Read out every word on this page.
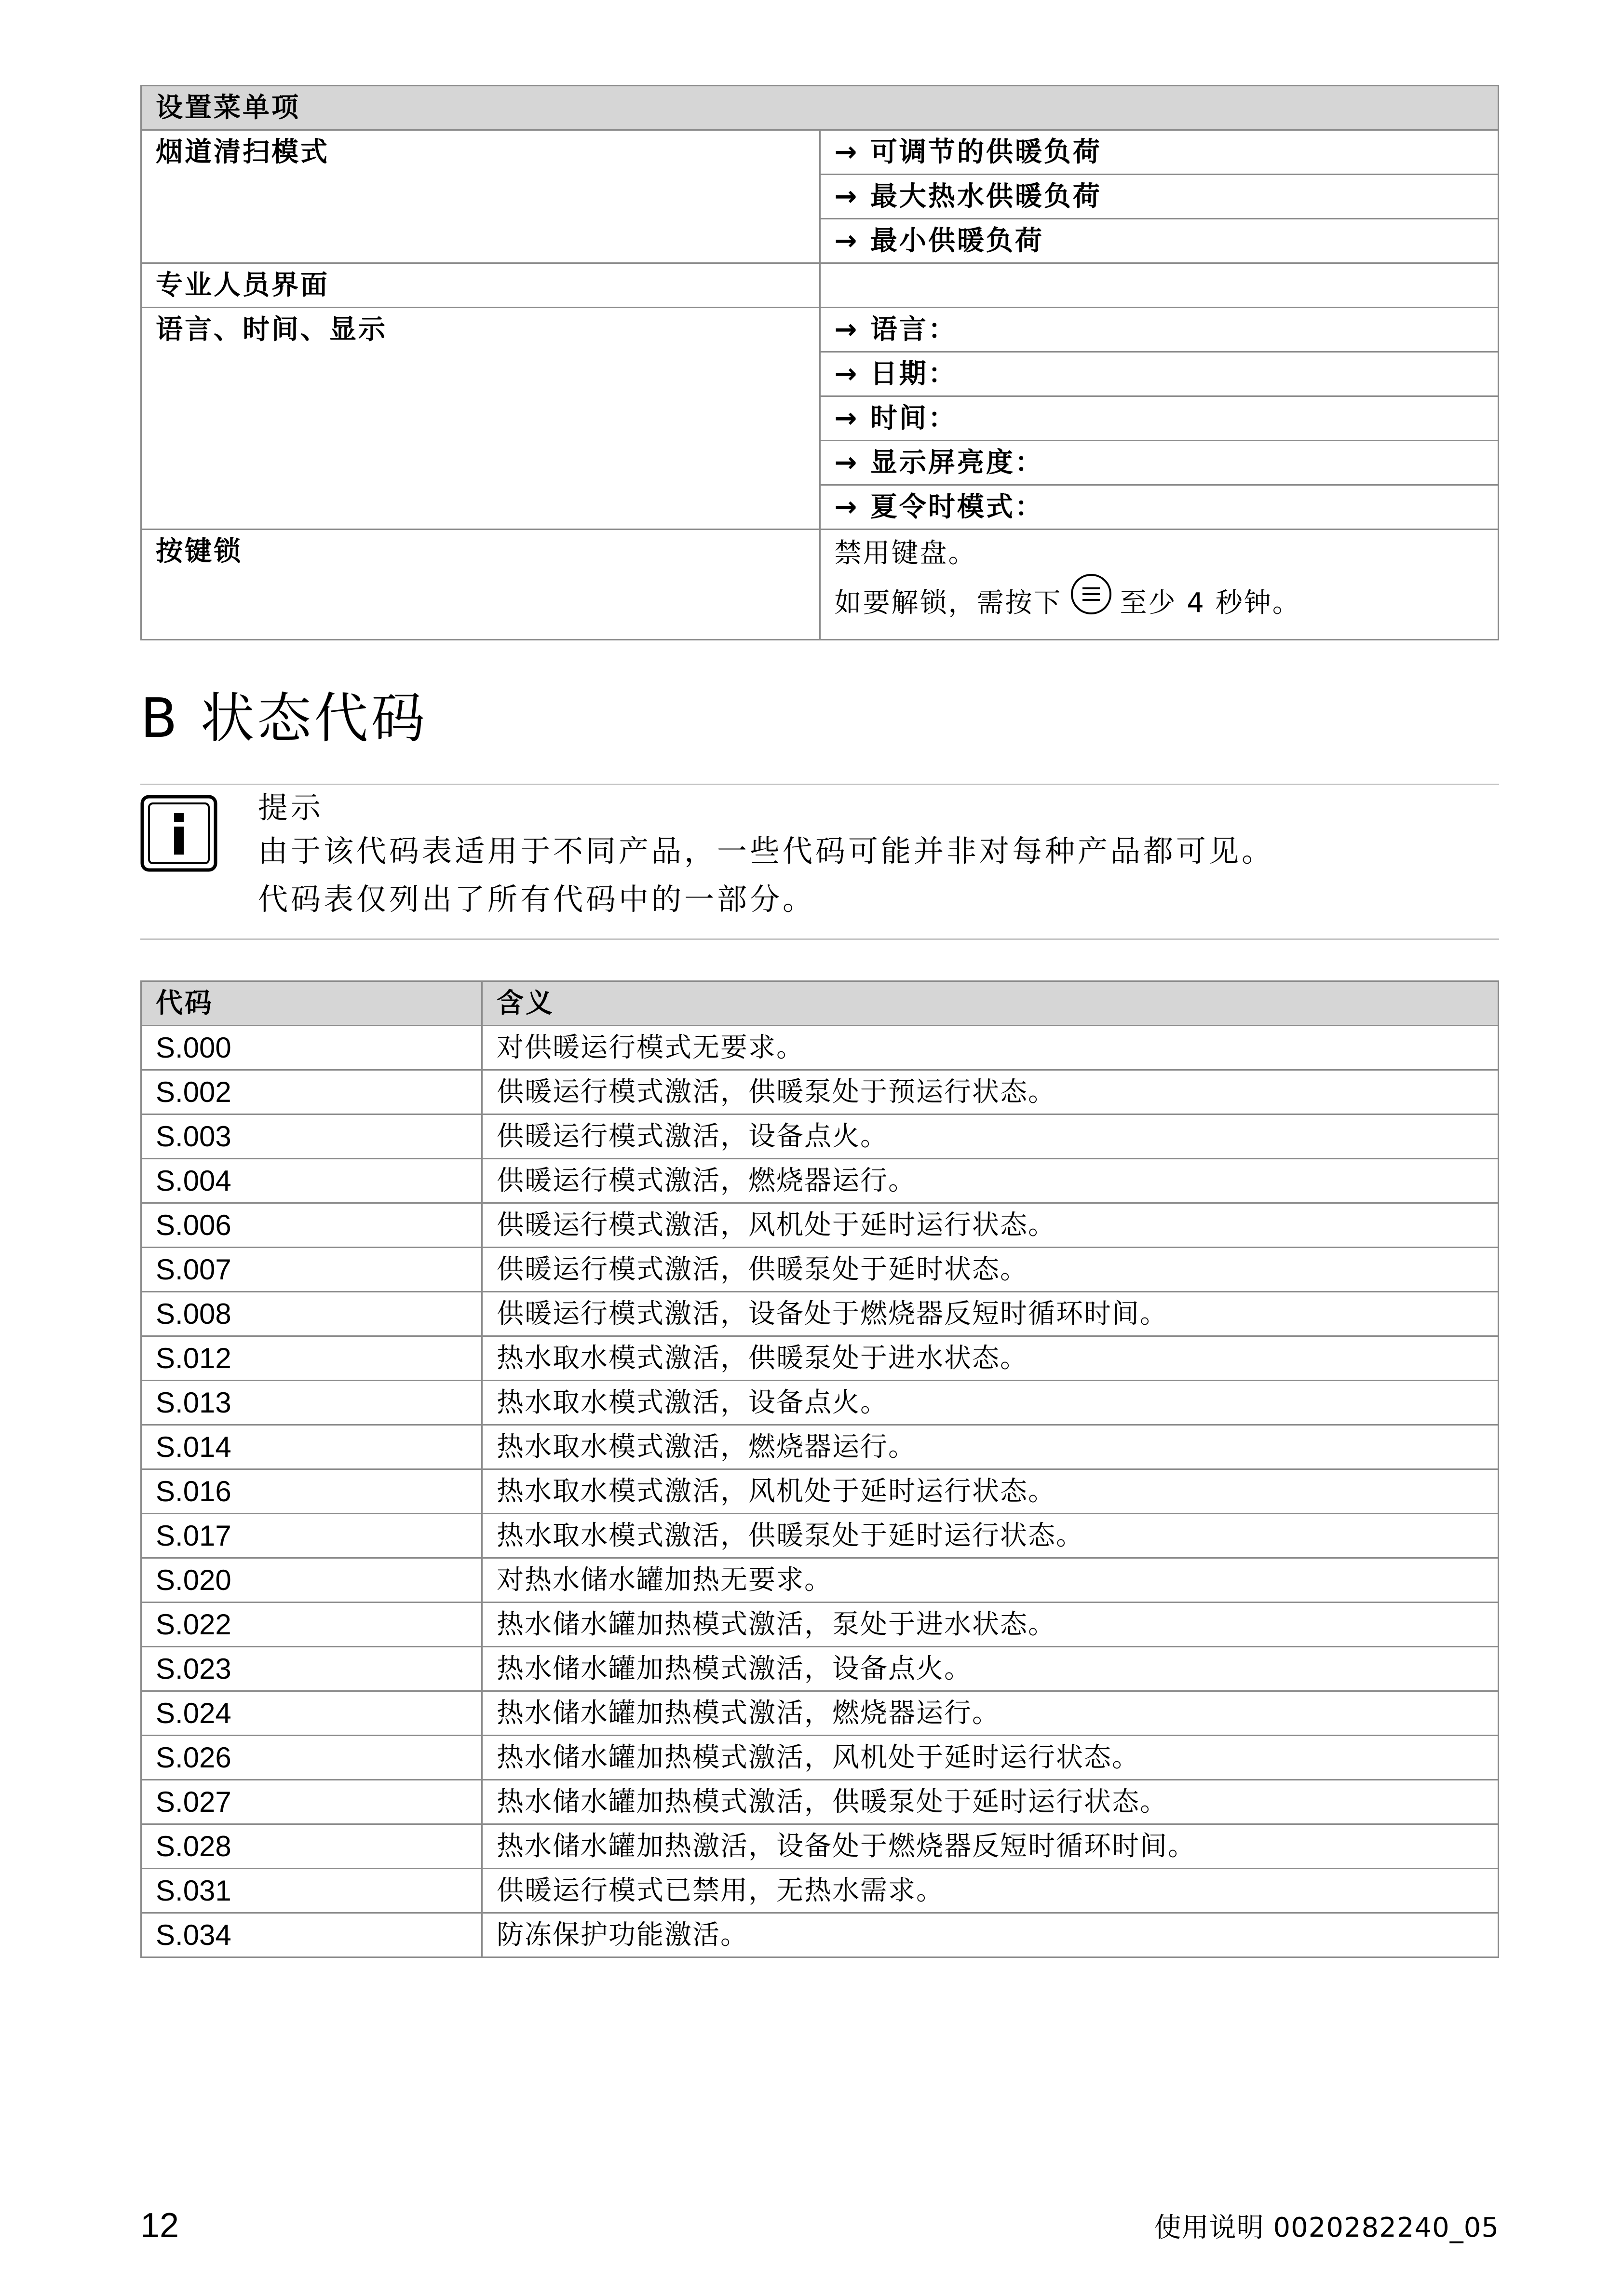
设置菜单项	
烟道清扫模式	→ 可调节的供暖负荷
	→ 最大热水供暖负荷
	→ 最小供暖负荷
专业人员界面	
语言、时间、显示	→ 语言：
	→ 日期：
	→ 时间：
	→ 显示屏亮度：
	→ 夏令时模式：
按键锁	禁用键盘。
如要解锁，需按下 至少 4 秒钟。
B 状态代码
提示
由于该代码表适用于不同产品，一些代码可能并非对每种产品都可见。
代码表仅列出了所有代码中的一部分。
代码	含义
S.000	对供暖运行模式无要求。
S.002	供暖运行模式激活，供暖泵处于预运行状态。
S.003	供暖运行模式激活，设备点火。
S.004	供暖运行模式激活，燃烧器运行。
S.006	供暖运行模式激活，风机处于延时运行状态。
S.007	供暖运行模式激活，供暖泵处于延时状态。
S.008	供暖运行模式激活，设备处于燃烧器反短时循环时间。
S.012	热水取水模式激活，供暖泵处于进水状态。
S.013	热水取水模式激活，设备点火。
S.014	热水取水模式激活，燃烧器运行。
S.016	热水取水模式激活，风机处于延时运行状态。
S.017	热水取水模式激活，供暖泵处于延时运行状态。
S.020	对热水储水罐加热无要求。
S.022	热水储水罐加热模式激活，泵处于进水状态。
S.023	热水储水罐加热模式激活，设备点火。
S.024	热水储水罐加热模式激活，燃烧器运行。
S.026	热水储水罐加热模式激活，风机处于延时运行状态。
S.027	热水储水罐加热模式激活，供暖泵处于延时运行状态。
S.028	热水储水罐加热激活，设备处于燃烧器反短时循环时间。
S.031	供暖运行模式已禁用，无热水需求。
S.034	防冻保护功能激活。
12	使用说明 0020282240_05
